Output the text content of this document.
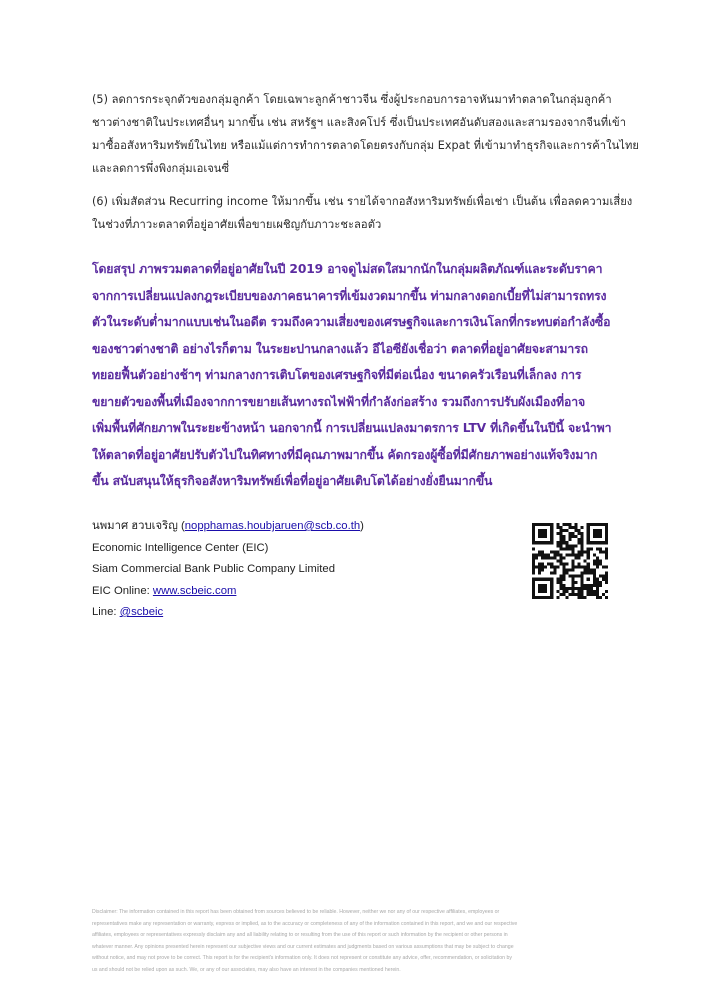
(5) ลดการกระจุกตัวของกลุ่มลูกค้า โดยเฉพาะลูกค้าชาวจีน ซึ่งผู้ประกอบการอาจหันมาทำตลาดในกลุ่มลูกค้า
ชาวต่างชาติในประเทศอื่นๆ มากขึ้น เช่น สหรัฐฯ และสิงคโปร์ ซึ่งเป็นประเทศอันดับสองและสามรองจากจีนที่เข้า
มาซื้ออสังหาริมทรัพย์ในไทย หรือแม้แต่การทำการตลาดโดยตรงกับกลุ่ม Expat ที่เข้ามาทำธุรกิจและการค้าในไทย
และลดการพึ่งพิงกลุ่มเอเจนซี่
(6) เพิ่มสัดส่วน Recurring income ให้มากขึ้น เช่น รายได้จากอสังหาริมทรัพย์เพื่อเช่า เป็นต้น เพื่อลดความเสี่ยง
ในช่วงที่ภาวะตลาดที่อยู่อาศัยเพื่อขายเผชิญกับภาวะชะลอตัว
โดยสรุป ภาพรวมตลาดที่อยู่อาศัยในปี 2019 อาจดูไม่สดใสมากนักในกลุ่มผลิตภัณฑ์และระดับราคา
จากการเปลี่ยนแปลงกฎระเบียบของภาคธนาคารที่เข้มงวดมากขึ้น ท่ามกลางดอกเบี้ยที่ไม่สามารถทรง
ตัวในระดับต่ำมากแบบเช่นในอดีต รวมถึงความเสี่ยงของเศรษฐกิจและการเงินโลกที่กระทบต่อกำลังซื้อ
ของชาวต่างชาติ อย่างไรก็ตาม ในระยะปานกลางแล้ว อีไอซียังเชื่อว่า ตลาดที่อยู่อาศัยจะสามารถ
ทยอยฟื้นตัวอย่างช้าๆ ท่ามกลางการเติบโตของเศรษฐกิจที่มีต่อเนื่อง ขนาดครัวเรือนที่เล็กลง การ
ขยายตัวของพื้นที่เมืองจากการขยายเส้นทางรถไฟฟ้าที่กำลังก่อสร้าง รวมถึงการปรับผังเมืองที่อาจ
เพิ่มพื้นที่ศักยภาพในระยะข้างหน้า นอกจากนี้ การเปลี่ยนแปลงมาตรการ LTV ที่เกิดขึ้นในปีนี้ จะนำพา
ให้ตลาดที่อยู่อาศัยปรับตัวไปในทิศทางที่มีคุณภาพมากขึ้น คัดกรองผู้ซื้อที่มีศักยภาพอย่างแท้จริงมาก
ขึ้น สนับสนุนให้ธุรกิจอสังหาริมทรัพย์เพื่อที่อยู่อาศัยเติบโตได้อย่างยั่งยืนมากขึ้น
นพมาศ ฮวบเจริญ (nopphamas.houbjaruen@scb.co.th)
Economic Intelligence Center (EIC)
Siam Commercial Bank Public Company Limited
EIC Online: www.scbeic.com
Line: @scbeic
Disclaimer: The information contained in this report has been obtained from sources believed to be reliable. However, neither we nor any of our respective affiliates, employees or
representatives make any representation or warranty, express or implied, as to the accuracy or completeness of any of the information contained in this report, and we and our respective
affiliates, employees or representatives expressly disclaim any and all liability relating to or resulting from the use of this report or such information by the recipient or other persons in
whatever manner. Any opinions presented herein represent our subjective views and our current estimates and judgments based on various assumptions that may be subject to change
without notice, and may not prove to be correct. This report is for the recipient's information only. It does not represent or constitute any advice, offer, recommendation, or solicitation by
us and should not be relied upon as such. We, or any of our associates, may also have an interest in the companies mentioned herein.
